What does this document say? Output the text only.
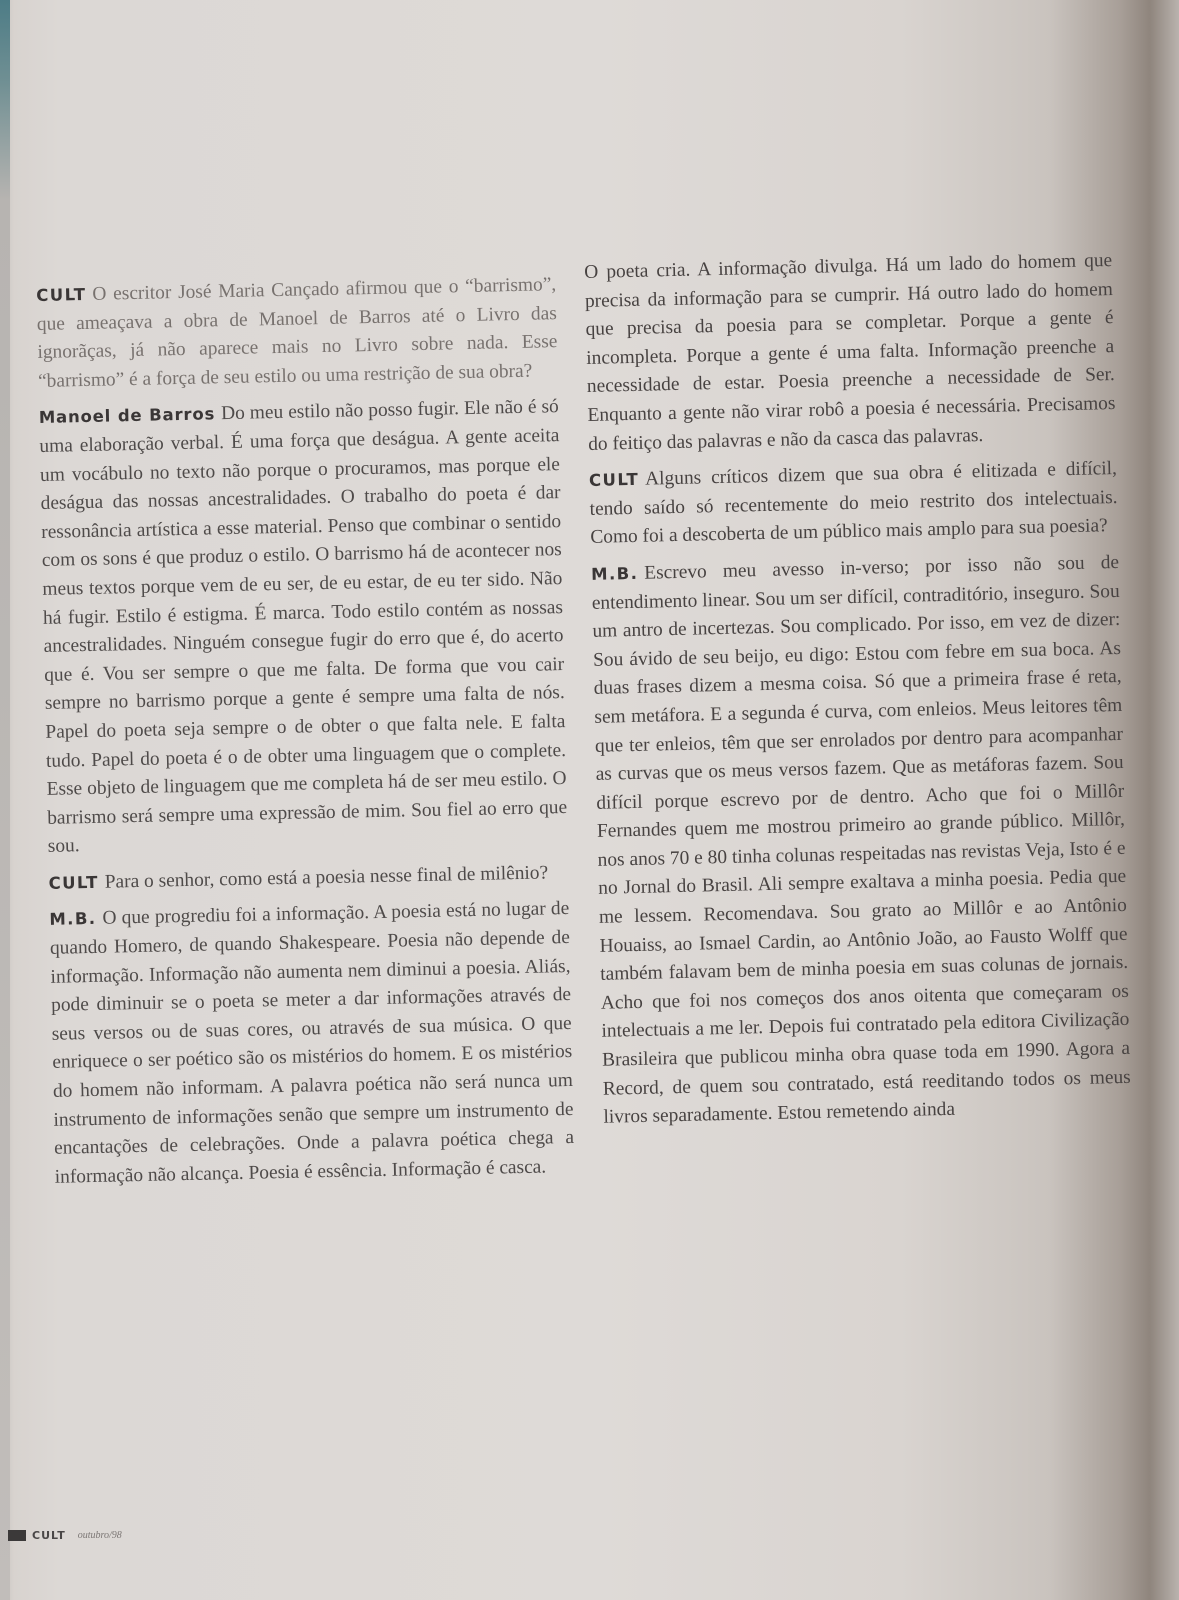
CULT O escritor José Maria Cançado afirmou que o “barrismo”, que ameaçava a obra de Manoel de Barros até o Livro das ignorãças, já não aparece mais no Livro sobre nada. Esse “barrismo” é a força de seu estilo ou uma restrição de sua obra?

Manoel de Barros Do meu estilo não posso fugir. Ele não é só uma elaboração verbal. É uma força que deságua. A gente aceita um vocábulo no texto não porque o procuramos, mas porque ele deságua das nossas ancestralidades. O trabalho do poeta é dar ressonância artística a esse material. Penso que combinar o sentido com os sons é que produz o estilo. O barrismo há de acontecer nos meus textos porque vem de eu ser, de eu estar, de eu ter sido. Não há fugir. Estilo é estigma. É marca. Todo estilo contém as nossas ancestralidades. Ninguém consegue fugir do erro que é, do acerto que é. Vou ser sempre o que me falta. De forma que vou cair sempre no barrismo porque a gente é sempre uma falta de nós. Papel do poeta seja sempre o de obter o que falta nele. E falta tudo. Papel do poeta é o de obter uma linguagem que o complete. Esse objeto de linguagem que me completa há de ser meu estilo. O barrismo será sempre uma expressão de mim. Sou fiel ao erro que sou.

CULT Para o senhor, como está a poesia nesse final de milênio?

M.B. O que progrediu foi a informação. A poesia está no lugar de quando Homero, de quando Shakespeare. Poesia não depende de informação. Informação não aumenta nem diminui a poesia. Aliás, pode diminuir se o poeta se meter a dar informações através de seus versos ou de suas cores, ou através de sua música. O que enriquece o ser poético são os mistérios do homem. E os mistérios do homem não informam. A palavra poética não será nunca um instrumento de informações senão que sempre um instrumento de encantações de celebrações. Onde a palavra poética chega a informação não alcança. Poesia é essência. Informação é casca.

O poeta cria. A informação divulga. Há um lado do homem que precisa da informação para se cumprir. Há outro lado do homem que precisa da poesia para se completar. Porque a gente é incompleta. Porque a gente é uma falta. Informação preenche a necessidade de estar. Poesia preenche a necessidade de Ser. Enquanto a gente não virar robô a poesia é necessária. Precisamos do feitiço das palavras e não da casca das palavras.

CULT Alguns críticos dizem que sua obra é elitizada e difícil, tendo saído só recentemente do meio restrito dos intelectuais. Como foi a descoberta de um público mais amplo para sua poesia?

M.B. Escrevo meu avesso in-verso; por isso não sou de entendimento linear. Sou um ser difícil, contraditório, inseguro. Sou um antro de incertezas. Sou complicado. Por isso, em vez de dizer: Sou ávido de seu beijo, eu digo: Estou com febre em sua boca. As duas frases dizem a mesma coisa. Só que a primeira frase é reta, sem metáfora. E a segunda é curva, com enleios. Meus leitores têm que ter enleios, têm que ser enrolados por dentro para acompanhar as curvas que os meus versos fazem. Que as metáforas fazem. Sou difícil porque escrevo por de dentro. Acho que foi o Millôr Fernandes quem me mostrou primeiro ao grande público. Millôr, nos anos 70 e 80 tinha colunas respeitadas nas revistas Veja, Isto é e no Jornal do Brasil. Ali sempre exaltava a minha poesia. Pedia que me lessem. Recomendava. Sou grato ao Millôr e ao Antônio Houaiss, ao Ismael Cardin, ao Antônio João, ao Fausto Wolff que também falavam bem de minha poesia em suas colunas de jornais. Acho que foi nos começos dos anos oitenta que começaram os intelectuais a me ler. Depois fui contratado pela editora Civilização Brasileira que publicou minha obra quase toda em 1990. Agora a Record, de quem sou contratado, está reeditando todos os meus livros separadamente. Estou remetendo ainda

CULT outubro/98
